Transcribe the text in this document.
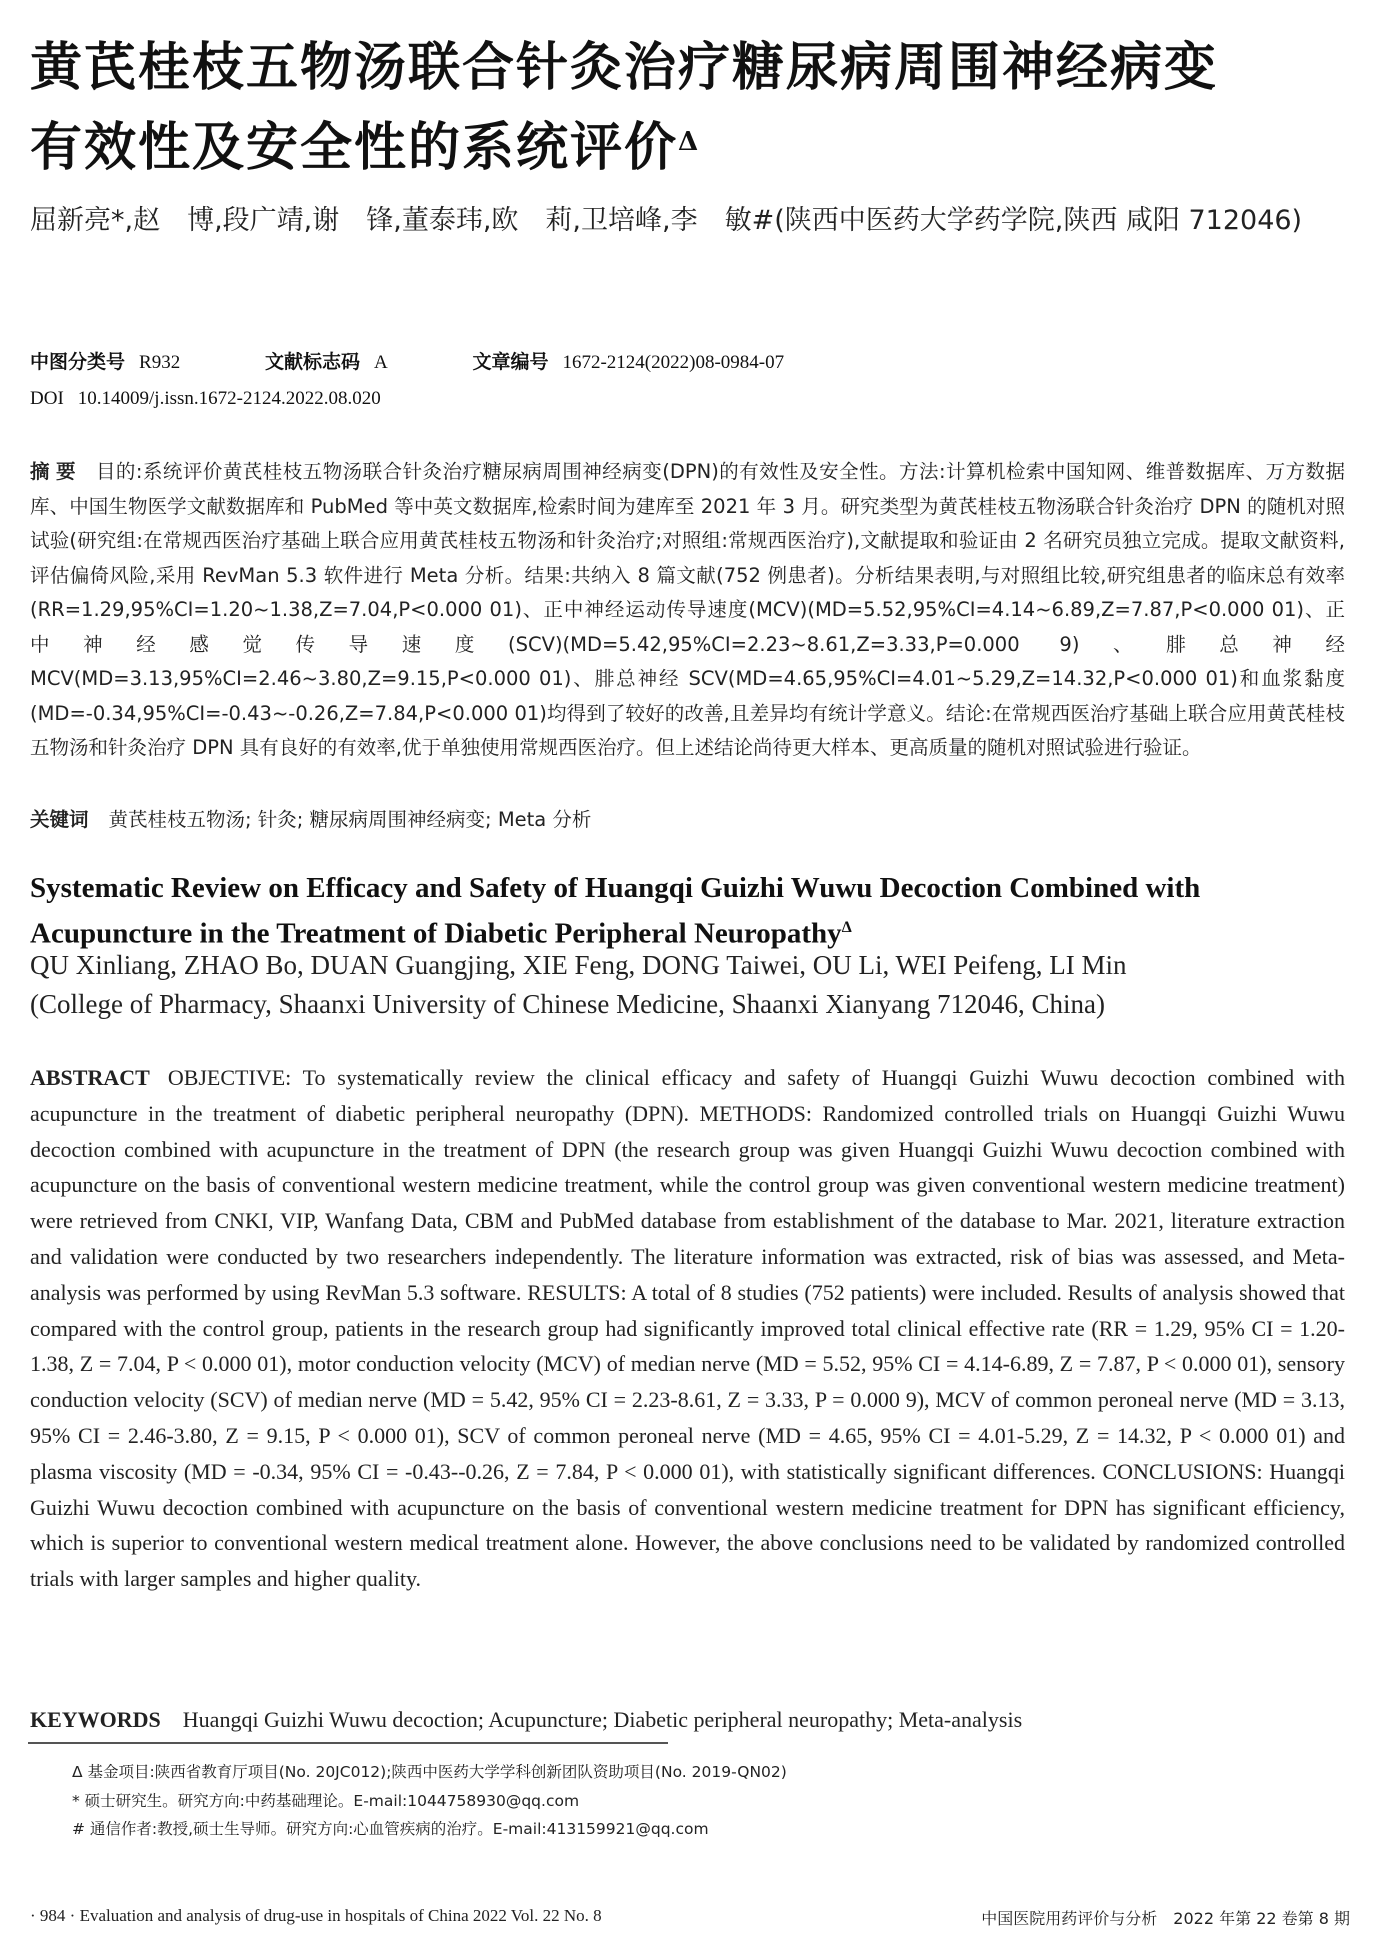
黄芪桂枝五物汤联合针灸治疗糖尿病周围神经病变
有效性及安全性的系统评价$^\Delta$
屈新亮*,赵　博,段广靖,谢　锋,董泰玮,欧　莉,卫培峰,李　敏#(陕西中医药大学药学院,陕西 咸阳 712046)
中图分类号 R932	文献标志码 A	文章编号 1672-2124(2022)08-0984-07
DOI 10.14009/j.issn.1672-2124.2022.08.020
摘要 目的:系统评价黄芪桂枝五物汤联合针灸治疗糖尿病周围神经病变(DPN)的有效性及安全性。方法:计算机检索中国知网、维普数据库、万方数据库、中国生物医学文献数据库和 PubMed 等中英文数据库,检索时间为建库至 2021 年 3 月。研究类型为黄芪桂枝五物汤联合针灸治疗 DPN 的随机对照试验(研究组:在常规西医治疗基础上联合应用黄芪桂枝五物汤和针灸治疗;对照组:常规西医治疗),文献提取和验证由 2 名研究员独立完成。提取文献资料,评估偏倚风险,采用 RevMan 5.3 软件进行 Meta 分析。结果:共纳入 8 篇文献(752 例患者)。分析结果表明,与对照组比较,研究组患者的临床总有效率(RR=1.29,95%CI=1.20~1.38,Z=7.04,P<0.000 01)、正中神经运动传导速度(MCV)(MD=5.52,95%CI=4.14~6.89,Z=7.87,P<0.000 01)、正中神经感觉传导速度(SCV)(MD=5.42,95%CI=2.23~8.61,Z=3.33,P=0.000 9)、腓总神经 MCV(MD=3.13,95%CI=2.46~3.80,Z=9.15,P<0.000 01)、腓总神经 SCV(MD=4.65,95%CI=4.01~5.29,Z=14.32,P<0.000 01)和血浆黏度(MD=-0.34,95%CI=-0.43~-0.26,Z=7.84,P<0.000 01)均得到了较好的改善,且差异均有统计学意义。结论:在常规西医治疗基础上联合应用黄芪桂枝五物汤和针灸治疗 DPN 具有良好的有效率,优于单独使用常规西医治疗。但上述结论尚待更大样本、更高质量的随机对照试验进行验证。
关键词 黄芪桂枝五物汤; 针灸; 糖尿病周围神经病变; Meta 分析
Systematic Review on Efficacy and Safety of Huangqi Guizhi Wuwu Decoction Combined with Acupuncture in the Treatment of Diabetic Peripheral Neuropathy$^\Delta$
QU Xinliang, ZHAO Bo, DUAN Guangjing, XIE Feng, DONG Taiwei, OU Li, WEI Peifeng, LI Min
(College of Pharmacy, Shaanxi University of Chinese Medicine, Shaanxi Xianyang 712046, China)
ABSTRACT OBJECTIVE: To systematically review the clinical efficacy and safety of Huangqi Guizhi Wuwu decoction combined with acupuncture in the treatment of diabetic peripheral neuropathy (DPN). METHODS: Randomized controlled trials on Huangqi Guizhi Wuwu decoction combined with acupuncture in the treatment of DPN (the research group was given Huangqi Guizhi Wuwu decoction combined with acupuncture on the basis of conventional western medicine treatment, while the control group was given conventional western medicine treatment) were retrieved from CNKI, VIP, Wanfang Data, CBM and PubMed database from establishment of the database to Mar. 2021, literature extraction and validation were conducted by two researchers independently. The literature information was extracted, risk of bias was assessed, and Meta-analysis was performed by using RevMan 5.3 software. RESULTS: A total of 8 studies (752 patients) were included. Results of analysis showed that compared with the control group, patients in the research group had significantly improved total clinical effective rate (RR = 1.29, 95% CI = 1.20-1.38, Z = 7.04, P < 0.000 01), motor conduction velocity (MCV) of median nerve (MD = 5.52, 95% CI = 4.14-6.89, Z = 7.87, P < 0.000 01), sensory conduction velocity (SCV) of median nerve (MD = 5.42, 95% CI = 2.23-8.61, Z = 3.33, P = 0.000 9), MCV of common peroneal nerve (MD = 3.13, 95% CI = 2.46-3.80, Z = 9.15, P < 0.000 01), SCV of common peroneal nerve (MD = 4.65, 95% CI = 4.01-5.29, Z = 14.32, P < 0.000 01) and plasma viscosity (MD = -0.34, 95% CI = -0.43--0.26, Z = 7.84, P < 0.000 01), with statistically significant differences. CONCLUSIONS: Huangqi Guizhi Wuwu decoction combined with acupuncture on the basis of conventional western medicine treatment for DPN has significant efficiency, which is superior to conventional western medical treatment alone. However, the above conclusions need to be validated by randomized controlled trials with larger samples and higher quality.
KEYWORDS Huangqi Guizhi Wuwu decoction; Acupuncture; Diabetic peripheral neuropathy; Meta-analysis
Δ 基金项目:陕西省教育厅项目(No. 20JC012);陕西中医药大学学科创新团队资助项目(No. 2019-QN02)
* 硕士研究生。研究方向:中药基础理论。E-mail:1044758930@qq.com
# 通信作者:教授,硕士生导师。研究方向:心血管疾病的治疗。E-mail:413159921@qq.com
· 984 · Evaluation and analysis of drug-use in hospitals of China 2022 Vol. 22 No. 8	中国医院用药评价与分析　2022 年第 22 卷第 8 期
